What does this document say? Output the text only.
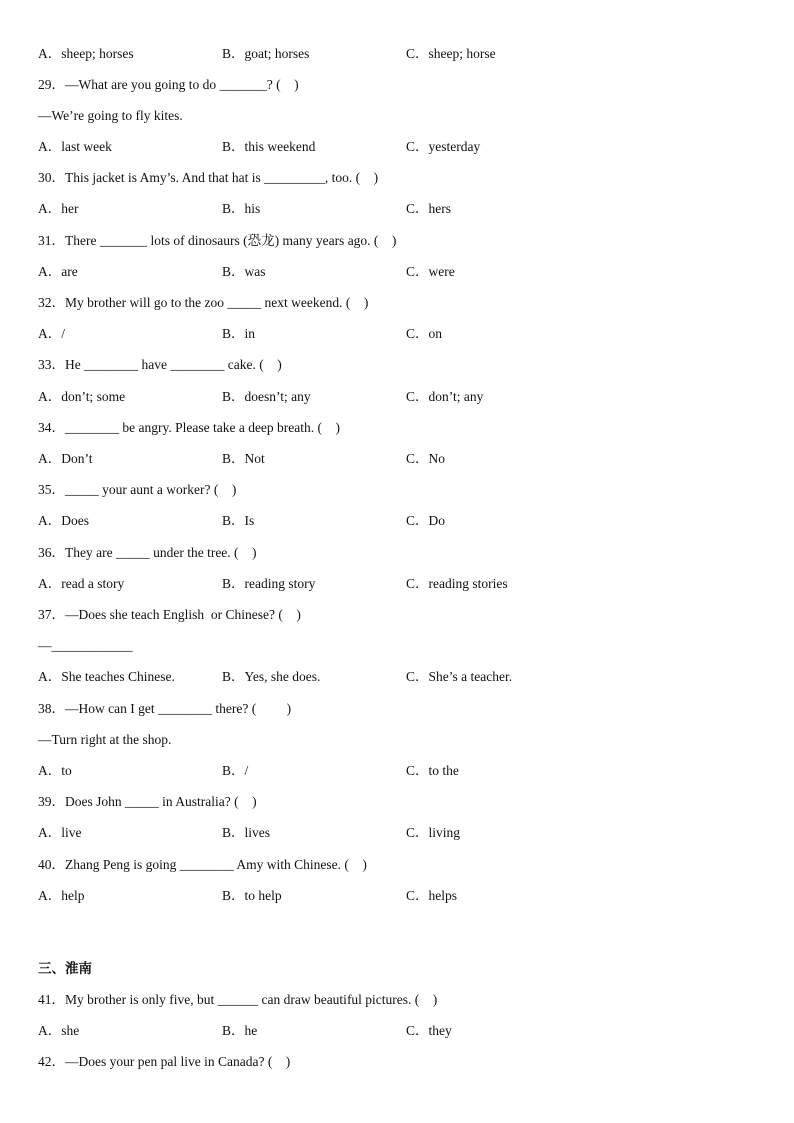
A．sheep; horses	B．goat; horses	C．sheep; horse
29．—What are you going to do _______? (    )
—We’re going to fly kites.
A．last week	B．this weekend	C．yesterday
30．This jacket is Amy’s. And that hat is _________, too. (    )
A．her	B．his	C．hers
31．There _______ lots of dinosaurs (恐龙) many years ago. (    )
A．are	B．was	C．were
32．My brother will go to the zoo _____ next weekend. (    )
A．/	B．in	C．on
33．He ________ have ________ cake. (    )
A．don’t; some	B．doesn’t; any	C．don’t; any
34．________ be angry. Please take a deep breath. (    )
A．Don’t	B．Not	C．No
35．_____ your aunt a worker? (    )
A．Does	B．Is	C．Do
36．They are _____ under the tree. (    )
A．read a story	B．reading story	C．reading stories
37．—Does she teach English  or Chinese? (    )
—____________
A．She teaches Chinese.	B．Yes, she does.	C．She’s a teacher.
38．—How can I get ________ there? (         )
—Turn right at the shop.
A．to	B．/	C．to the
39．Does John _____ in Australia? (    )
A．live	B．lives	C．living
40．Zhang Peng is going ________ Amy with Chinese. (    )
A．help	B．to help	C．helps
三、淮南
41．My brother is only five, but ______ can draw beautiful pictures. (    )
A．she	B．he	C．they
42．—Does your pen pal live in Canada? (    )
